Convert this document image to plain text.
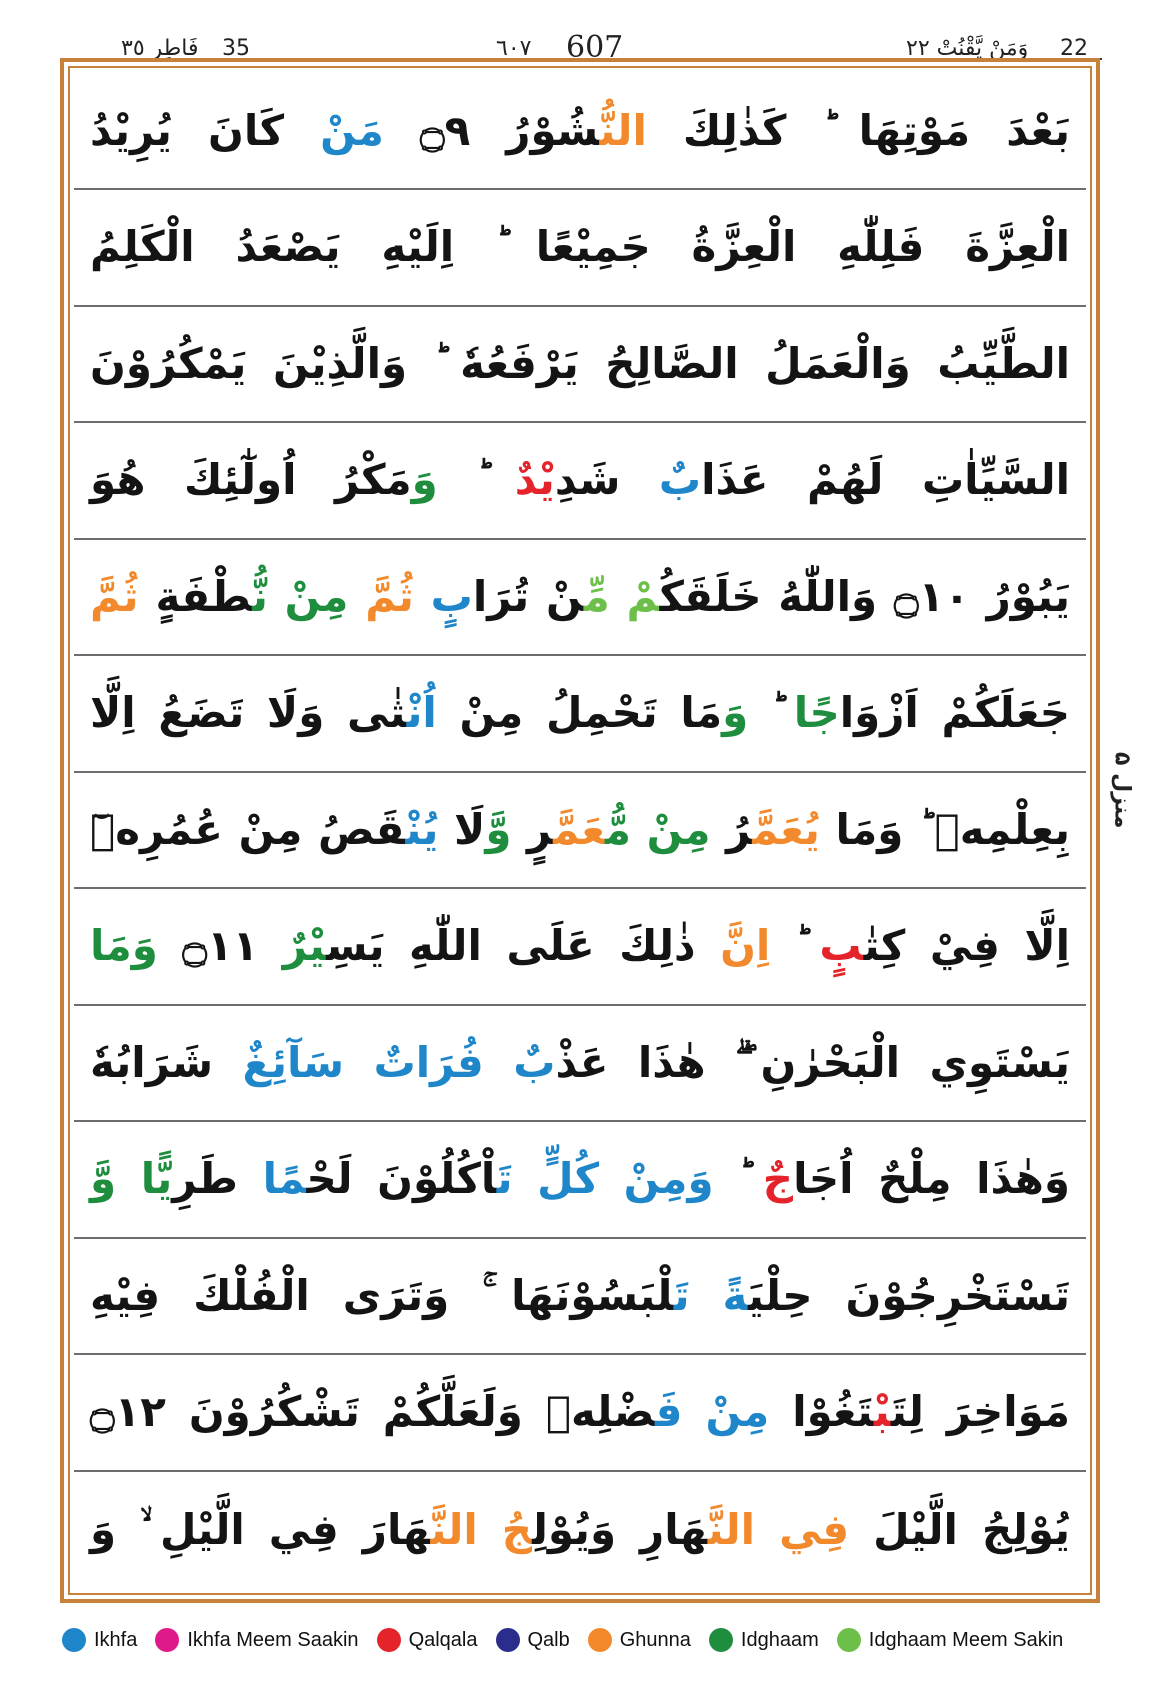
فَاطِر ٣٥ 35	٦٠٧ 607	وَمَنْ يَّقْنُتْ ٢٢ 22
بَعْدَ مَوْتِهَا ؕ كَذٰلِكَ النُّشُوْرُ ۝٩ مَنْ كَانَ يُرِيْدُ
الْعِزَّةَ فَلِلّٰهِ الْعِزَّةُ جَمِيْعًا ؕ اِلَيْهِ يَصْعَدُ الْكَلِمُ
الطَّيِّبُ وَالْعَمَلُ الصَّالِحُ يَرْفَعُهٗ ؕ وَالَّذِيْنَ يَمْكُرُوْنَ
السَّيِّاٰتِ لَهُمْ عَذَابٌ شَدِيْدٌ ؕ وَمَكْرُ اُولٰٓئِكَ هُوَ
يَبُوْرُ ۝١٠ وَاللّٰهُ خَلَقَكُمْ مِّنْ تُرَابٍ ثُمَّ مِنْ نُّطْفَةٍ ثُمَّ
جَعَلَكُمْ اَزْوَاجًا ؕ وَمَا تَحْمِلُ مِنْ اُنْثٰى وَلَا تَضَعُ اِلَّا
بِعِلْمِهٖ ؕ وَمَا يُعَمَّرُ مِنْ مُّعَمَّرٍ وَّلَا يُنْقَصُ مِنْ عُمُرِهٖٓ
اِلَّا فِيْ كِتٰبٍ ؕ اِنَّ ذٰلِكَ عَلَى اللّٰهِ يَسِيْرٌ ۝١١ وَمَا
يَسْتَوِي الْبَحْرٰنِ ۖۗ هٰذَا عَذْبٌ فُرَاتٌ سَآئِغٌ شَرَابُهٗ
وَهٰذَا مِلْحٌ اُجَاجٌ ؕ وَمِنْ كُلٍّ تَاْكُلُوْنَ لَحْمًا طَرِيًّا وَّ
تَسْتَخْرِجُوْنَ حِلْيَةً تَلْبَسُوْنَهَا ۚ وَتَرَى الْفُلْكَ فِيْهِ
مَوَاخِرَ لِتَبْتَغُوْا مِنْ فَضْلِهٖ وَلَعَلَّكُمْ تَشْكُرُوْنَ ۝١٢
يُوْلِجُ الَّيْلَ فِي النَّهَارِ وَيُوْلِجُ النَّهَارَ فِي الَّيْلِ ۙ وَ
منزل ۵
Ikhfa	Ikhfa Meem Saakin	Qalqala	Qalb	Ghunna	Idghaam	Idghaam Meem Sakin
